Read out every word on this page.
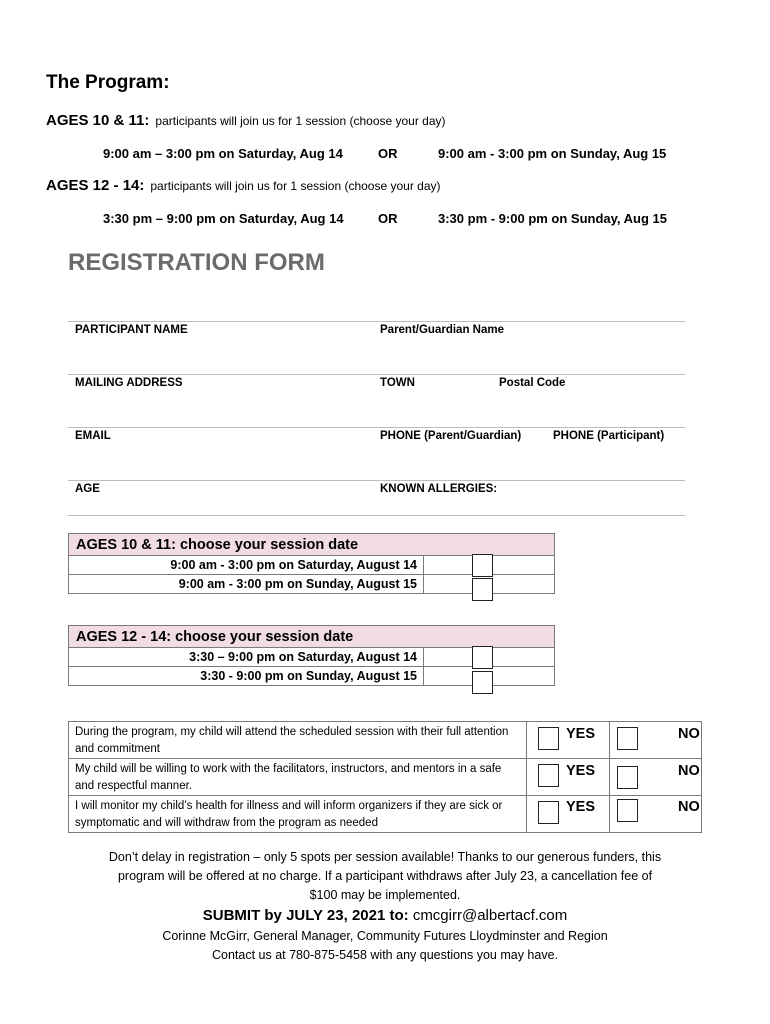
The Program:
AGES 10 & 11: participants will join us for 1 session (choose your day)
9:00 am – 3:00 pm on Saturday, Aug 14	OR	9:00 am - 3:00 pm on Sunday, Aug 15
AGES 12 - 14: participants will join us for 1 session (choose your day)
3:30 pm – 9:00 pm on Saturday, Aug 14	OR	3:30 pm - 9:00 pm on Sunday, Aug 15
REGISTRATION FORM
PARTICIPANT NAME	Parent/Guardian Name
MAILING ADDRESS	TOWN	Postal Code
EMAIL	PHONE (Parent/Guardian)	PHONE (Participant)
AGE	KNOWN ALLERGIES:
AGES 10 & 11: choose your session date	
9:00 am - 3:00 pm on Saturday, August 14	
9:00 am - 3:00 pm on Sunday, August 15	
AGES 12 - 14: choose your session date	
3:30 – 9:00 pm on Saturday, August 14	
3:30 - 9:00 pm on Sunday, August 15	
During the program, my child will attend the scheduled session with their full attention and commitment	YES	NO

My child will be willing to work with the facilitators, instructors, and mentors in a safe and respectful manner.	YES	NO

I will monitor my child’s health for illness and will inform organizers if they are sick or symptomatic and will withdraw from the program as needed	YES	NO
Don’t delay in registration – only 5 spots per session available! Thanks to our generous funders, this
program will be offered at no charge. If a participant withdraws after July 23, a cancellation fee of
$100 may be implemented.
SUBMIT by JULY 23, 2021 to: cmcgirr@albertacf.com
Corinne McGirr, General Manager, Community Futures Lloydminster and Region
Contact us at 780-875-5458 with any questions you may have.
